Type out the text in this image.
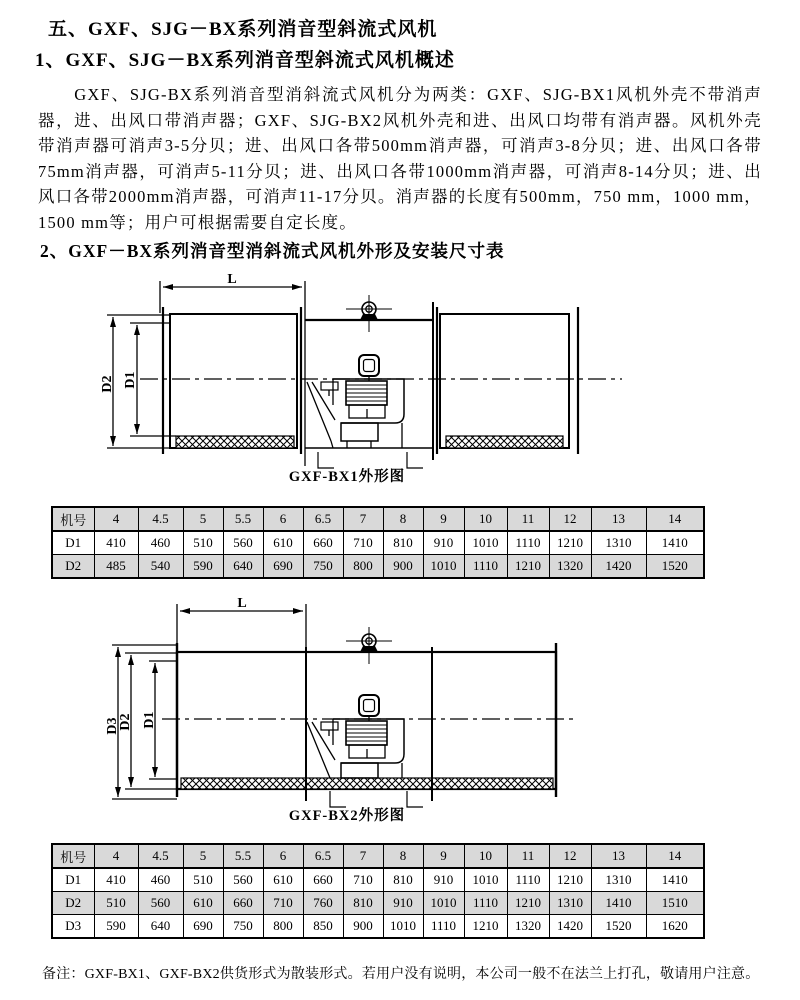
五、GXF、SJG－BX系列消音型斜流式风机
1、GXF、SJG－BX系列消音型斜流式风机概述
GXF、SJG-BX系列消音型消斜流式风机分为两类：GXF、SJG-BX1风机外壳不带消声器，进、出风口带消声器；GXF、SJG-BX2风机外壳和进、出风口均带有消声器。风机外壳带消声器可消声3-5分贝；进、出风口各带500mm消声器，可消声3-8分贝；进、出风口各带75mm消声器，可消声5-11分贝；进、出风口各带1000mm消声器，可消声8-14分贝；进、出风口各带2000mm消声器，可消声11-17分贝。消声器的长度有500mm，750 mm，1000 mm，1500 mm等；用户可根据需要自定长度。
2、GXF－BX系列消音型消斜流式风机外形及安装尺寸表
L
D2 D1
GXF-BX1外形图
L
D3
D2 D1
GXF-BX2外形图
机号	4	4.5	5	5.5	6	6.5	7	8	9	10	11	12	13	14
D1	410	460	510	560	610	660	710	810	910	1010	1110	1210	1310	1410
D2	485	540	590	640	690	750	800	900	1010	1110	1210	1320	1420	1520
机号	4	4.5	5	5.5	6	6.5	7	8	9	10	11	12	13	14
D1	410	460	510	560	610	660	710	810	910	1010	1110	1210	1310	1410
D2	510	560	610	660	710	760	810	910	1010	1110	1210	1310	1410	1510
D3	590	640	690	750	800	850	900	1010	1110	1210	1320	1420	1520	1620
备注：GXF-BX1、GXF-BX2供货形式为散装形式。若用户没有说明，本公司一般不在法兰上打孔，敬请用户注意。
